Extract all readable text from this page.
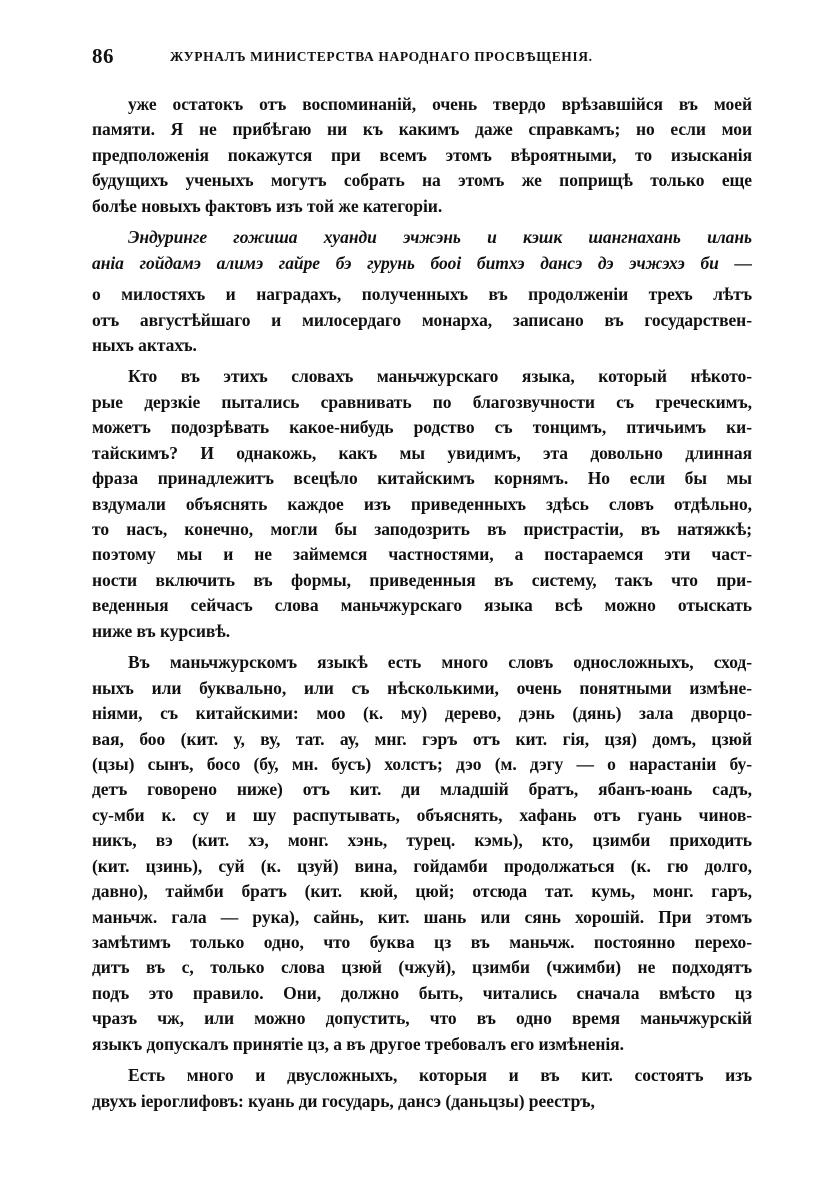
86	ЖУРНАЛЪ МИНИСТЕРСТВА НАРОДНАГО ПРОСВѢЩЕНІЯ.
уже остатокъ отъ воспоминаній, очень твердо врѣзавшійся въ моей
памяти. Я не прибѣгаю ни къ какимъ даже справкамъ; но если мои
предположенія покажутся при всемъ этомъ вѣроятными, то изысканія
будущихъ ученыхъ могутъ собрать на этомъ же поприщѣ только еще
болѣе новыхъ фактовъ изъ той же категоріи.
Эндуринге гожиша хуанди эчжэнь и кэшк шангнахань илань
аніа гойдамэ алимэ гайре бэ гурунь бооі битхэ дансэ дэ эчжэхэ би —
о милостяхъ и наградахъ, полученныхъ въ продолженіи трехъ лѣтъ
отъ августѣйшаго и милосердаго монарха, записано въ государствен-
ныхъ актахъ.
Кто въ этихъ словахъ маньчжурскаго языка, который нѣкото-
рые дерзкіе пытались сравнивать по благозвучности съ греческимъ,
можетъ подозрѣвать какое-нибудь родство съ тонцимъ, птичьимъ ки-
тайскимъ? И однакожь, какъ мы увидимъ, эта довольно длинная
фраза принадлежитъ всецѣло китайскимъ корнямъ. Но если бы мы
вздумали объяснять каждое изъ приведенныхъ здѣсь словъ отдѣльно,
то насъ, конечно, могли бы заподозрить въ пристрастіи, въ натяжкѣ;
поэтому мы и не займемся частностями, а постараемся эти част-
ности включить въ формы, приведенныя въ систему, такъ что при-
веденныя сейчасъ слова маньчжурскаго языка всѣ можно отыскать
ниже въ курсивѣ.
Въ маньчжурскомъ языкѣ есть много словъ односложныхъ, сход-
ныхъ или буквально, или съ нѣсколькими, очень понятными измѣне-
ніями, съ китайскими: моо (к. му) дерево, дэнь (дянь) зала дворцо-
вая, боо (кит. у, ву, тат. ау, мнг. гэръ отъ кит. гія, цзя) домъ, цзюй
(цзы) сынъ, босо (бу, мн. бусъ) холстъ; дэо (м. дэгу — о нарастаніи бу-
детъ говорено ниже) отъ кит. ди младшій братъ, ябанъ-юань садъ,
су-мби к. су и шу распутывать, объяснять, хафань отъ гуань чинов-
никъ, вэ (кит. хэ, монг. хэнь, турец. кэмь), кто, цзимби приходить
(кит. цзинь), суй (к. цзуй) вина, гойдамби продолжаться (к. гю долго,
давно), таймби братъ (кит. кюй, цюй; отсюда тат. кумь, монг. гаръ,
маньчж. гала — рука), сайнь, кит. шань или сянь хорошій. При этомъ
замѣтимъ только одно, что буква цз въ маньчж. постоянно перехо-
дитъ въ с, только слова цзюй (чжуй), цзимби (чжимби) не подходятъ
подъ это правило. Они, должно быть, читались сначала вмѣсто цз
чразъ чж, или можно допустить, что въ одно время маньчжурскій
языкъ допускалъ принятіе цз, а въ другое требовалъ его измѣненія.
Есть много и двусложныхъ, которыя и въ кит. состоятъ изъ
двухъ іероглифовъ: куань ди государь, дансэ (даньцзы) реестръ,
